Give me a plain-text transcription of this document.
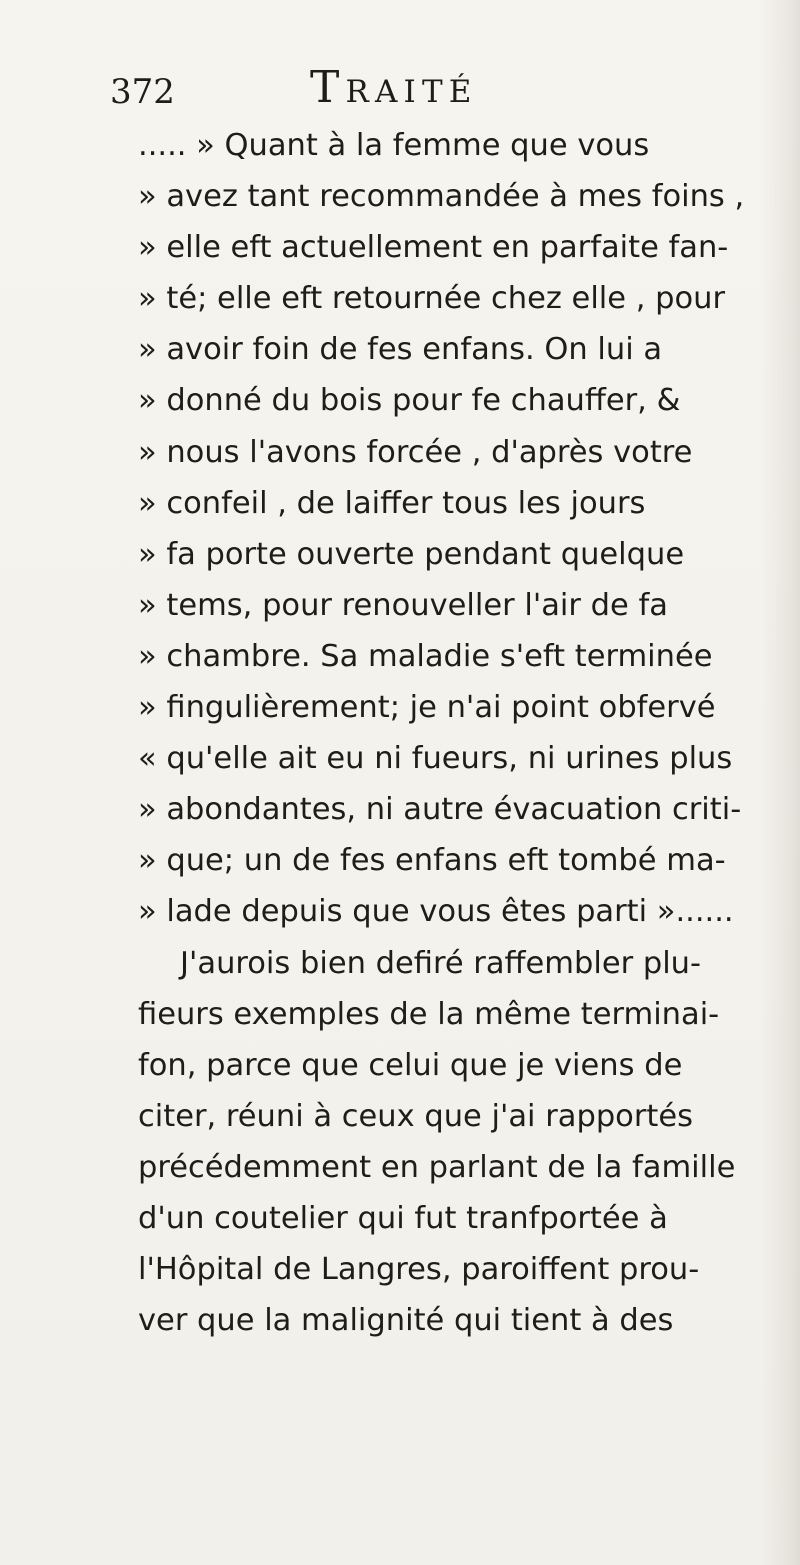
372	Traité
..... » Quant à la femme que vous
» avez tant recommandée à mes foins ,
» elle eft actuellement en parfaite fan-
» té; elle eft retournée chez elle , pour
» avoir foin de fes enfans. On lui a
» donné du bois pour fe chauffer, &
» nous l'avons forcée , d'après votre
» confeil , de laiffer tous les jours
» fa porte ouverte pendant quelque
» tems, pour renouveller l'air de fa
» chambre. Sa maladie s'eft terminée
» fingulièrement; je n'ai point obfervé
« qu'elle ait eu ni fueurs, ni urines plus
» abondantes, ni autre évacuation criti-
» que; un de fes enfans eft tombé ma-
» lade depuis que vous êtes parti »......
J'aurois bien defiré raffembler plu-
fieurs exemples de la même terminai-
fon, parce que celui que je viens de
citer, réuni à ceux que j'ai rapportés
précédemment en parlant de la famille
d'un coutelier qui fut tranfportée à
l'Hôpital de Langres, paroiffent prou-
ver que la malignité qui tient à des
